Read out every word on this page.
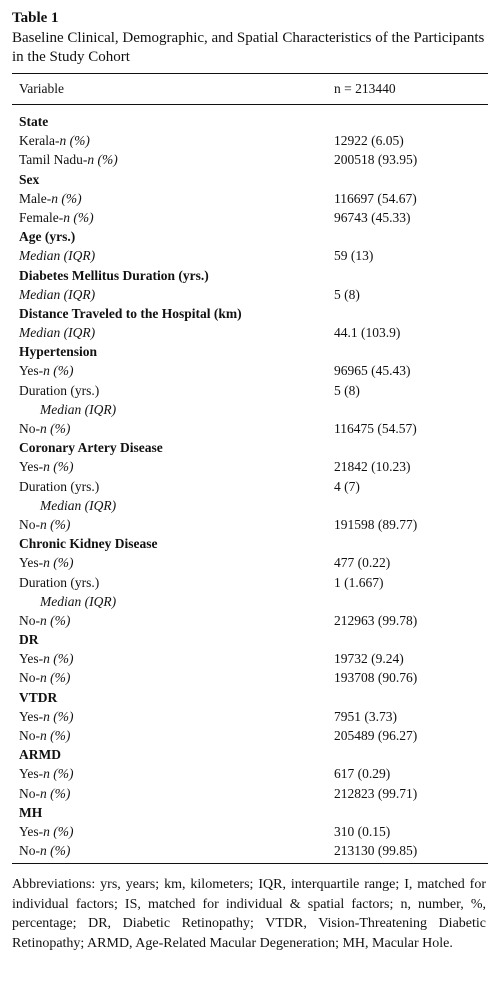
Table 1
Baseline Clinical, Demographic, and Spatial Characteristics of the Participants in the Study Cohort
Variable	n = 213440
State
Kerala-n (%)	12922 (6.05)
Tamil Nadu-n (%)	200518 (93.95)
Sex
Male-n (%)	116697 (54.67)
Female-n (%)	96743 (45.33)
Age (yrs.)
Median (IQR)	59 (13)
Diabetes Mellitus Duration (yrs.)
Median (IQR)	5 (8)
Distance Traveled to the Hospital (km)
Median (IQR)	44.1 (103.9)
Hypertension
Yes-n (%)	96965 (45.43)
Duration (yrs.)	5 (8)
Median (IQR)
No-n (%)	116475 (54.57)
Coronary Artery Disease
Yes-n (%)	21842 (10.23)
Duration (yrs.)	4 (7)
Median (IQR)
No-n (%)	191598 (89.77)
Chronic Kidney Disease
Yes-n (%)	477 (0.22)
Duration (yrs.)	1 (1.667)
Median (IQR)
No-n (%)	212963 (99.78)
DR
Yes-n (%)	19732 (9.24)
No-n (%)	193708 (90.76)
VTDR
Yes-n (%)	7951 (3.73)
No-n (%)	205489 (96.27)
ARMD
Yes-n (%)	617 (0.29)
No-n (%)	212823 (99.71)
MH
Yes-n (%)	310 (0.15)
No-n (%)	213130 (99.85)
Abbreviations: yrs, years; km, kilometers; IQR, interquartile range; I, matched for individual factors; IS, matched for individual & spatial factors; n, number, %, percentage; DR, Diabetic Retinopathy; VTDR, Vision-Threatening Diabetic Retinopathy; ARMD, Age-Related Macular Degeneration; MH, Macular Hole.
